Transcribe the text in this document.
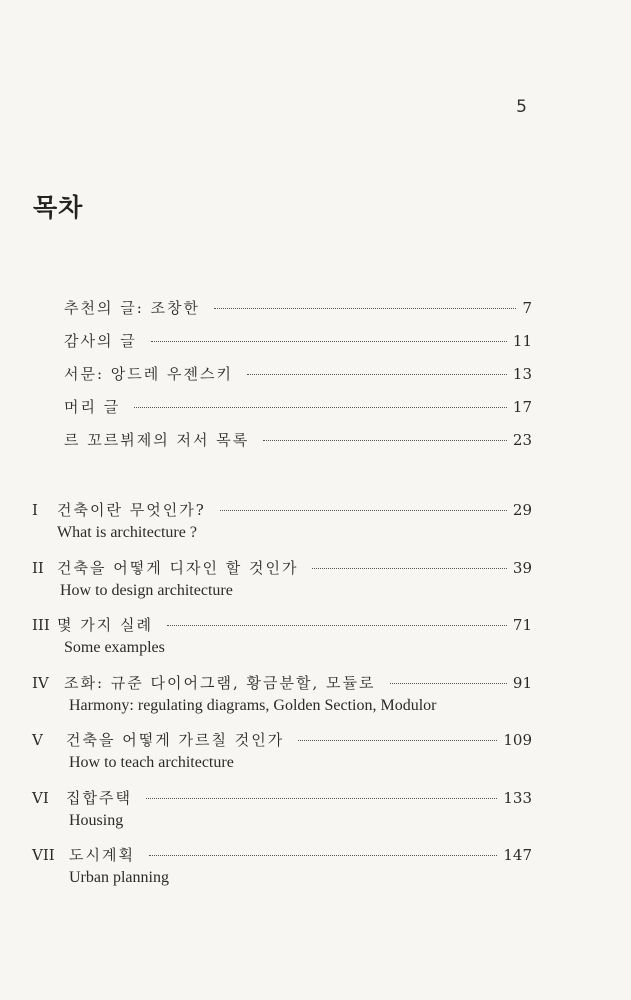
5
목차
추천의 글: 조창한	7
감사의 글	11
서문: 앙드레 우젠스키	13
머리 글	17
르 꼬르뷔제의 저서 목록	23
I	건축이란 무엇인가?	29
What is architecture ?
II 건축을 어떻게 디자인 할 것인가	39
How to design architecture
III 몇 가지 실례	71
Some examples
IV	조화: 규준 다이어그램, 황금분할, 모듈로	91
Harmony: regulating diagrams, Golden Section, Modulor
V	건축을 어떻게 가르칠 것인가	109
How to teach architecture
VI	집합주택	133
Housing
VII 도시계획	147
Urban planning
